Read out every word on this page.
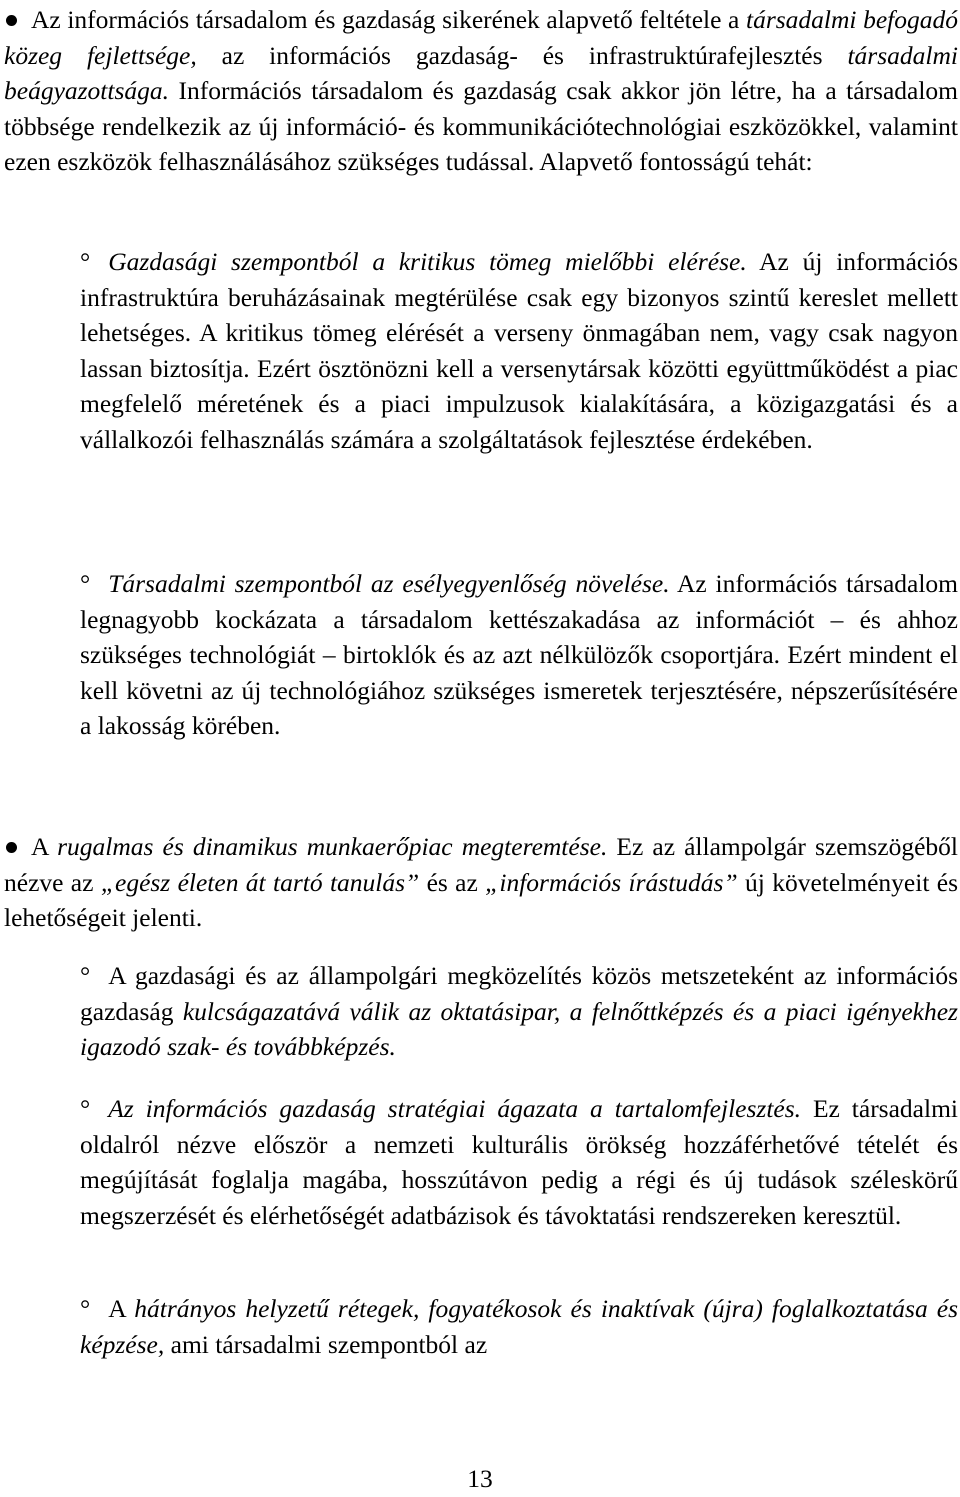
Az információs társadalom és gazdaság sikerének alapvető feltétele a társadalmi befogadó közeg fejlettsége, az információs gazdaság- és infrastruktúrafejlesztés társadalmi beágyazottsága. Információs társadalom és gazdaság csak akkor jön létre, ha a társadalom többsége rendelkezik az új információ- és kommunikációtechnológiai eszközökkel, valamint ezen eszközök felhasználásához szükséges tudással. Alapvető fontosságú tehát:

° Gazdasági szempontból a kritikus tömeg mielőbbi elérése. Az új információs infrastruktúra beruházásainak megtérülése csak egy bizonyos szintű kereslet mellett lehetséges. A kritikus tömeg elérését a verseny önmagában nem, vagy csak nagyon lassan biztosítja. Ezért ösztönözni kell a versenytársak közötti együttműködést a piac megfelelő méretének és a piaci impulzusok kialakítására, a közigazgatási és a vállalkozói felhasználás számára a szolgáltatások fejlesztése érdekében.

° Társadalmi szempontból az esélyegyenlőség növelése. Az információs társadalom legnagyobb kockázata a társadalom kettészakadása az információt – és ahhoz szükséges technológiát – birtoklók és az azt nélkülözők csoportjára. Ezért mindent el kell követni az új technológiához szükséges ismeretek terjesztésére, népszerűsítésére a lakosság körében.

A rugalmas és dinamikus munkaerőpiac megteremtése. Ez az állampolgár szemszögéből nézve az „egész életen át tartó tanulás” és az „információs írástudás” új követelményeit és lehetőségeit jelenti.

° A gazdasági és az állampolgári megközelítés közös metszeteként az információs gazdaság kulcságazatává válik az oktatásipar, a felnőttképzés és a piaci igényekhez igazodó szak- és továbbképzés.

° Az információs gazdaság stratégiai ágazata a tartalomfejlesztés. Ez társadalmi oldalról nézve először a nemzeti kulturális örökség hozzáférhetővé tételét és megújítását foglalja magába, hosszútávon pedig a régi és új tudások széleskörű megszerzését és elérhetőségét adatbázisok és távoktatási rendszereken keresztül.

° A hátrányos helyzetű rétegek, fogyatékosok és inaktívak (újra) foglalkoztatása és képzése, ami társadalmi szempontból az

13
